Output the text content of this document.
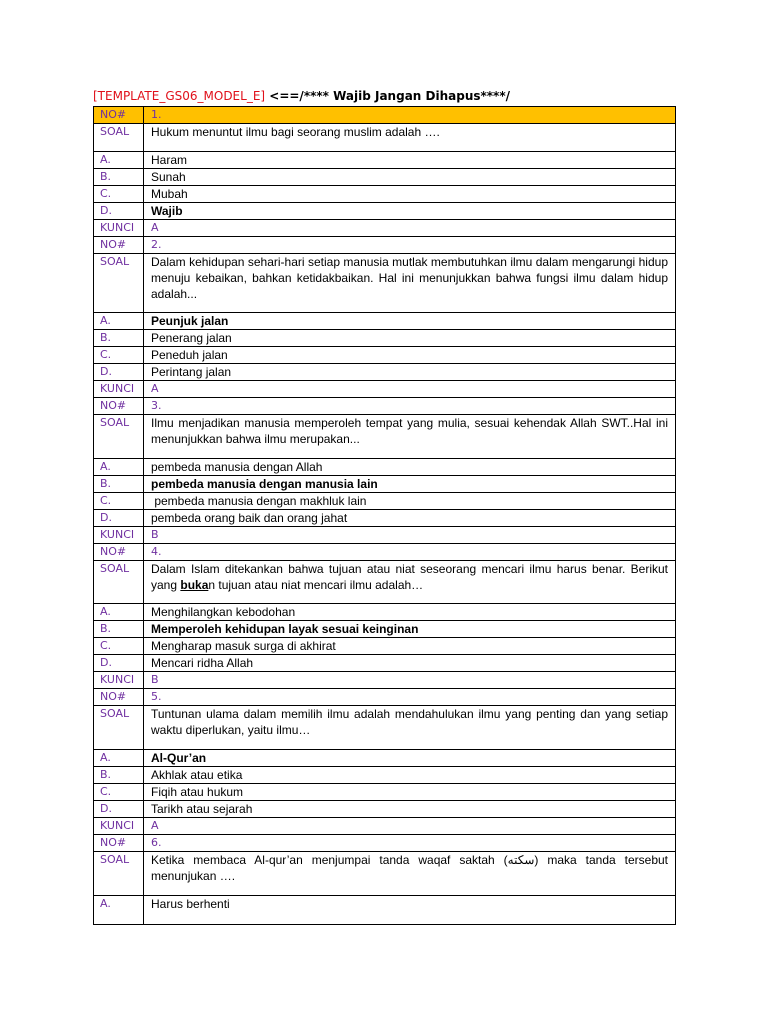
[TEMPLATE_GS06_MODEL_E] <==/**** Wajib Jangan Dihapus****/
NO#	1.
SOAL	Hukum menuntut ilmu bagi seorang muslim adalah ….
A.	Haram
B.	Sunah
C.	Mubah
D.	Wajib
KUNCI	A
NO#	2.
SOAL	Dalam kehidupan sehari-hari setiap manusia mutlak membutuhkan ilmu dalam mengarungi hidup menuju kebaikan, bahkan ketidakbaikan. Hal ini menunjukkan bahwa fungsi ilmu dalam hidup adalah...
A.	Peunjuk jalan
B.	Penerang jalan
C.	Peneduh jalan
D.	Perintang jalan
KUNCI	A
NO#	3.
SOAL	Ilmu menjadikan manusia memperoleh tempat yang mulia, sesuai kehendak Allah SWT..Hal ini menunjukkan bahwa ilmu merupakan...
A.	pembeda manusia dengan Allah
B.	pembeda manusia dengan manusia lain
C.	pembeda manusia dengan makhluk lain
D.	pembeda orang baik dan orang jahat
KUNCI	B
NO#	4.
SOAL	Dalam Islam ditekankan bahwa tujuan atau niat seseorang mencari ilmu harus benar. Berikut yang bukan tujuan atau niat mencari ilmu adalah…
A.	Menghilangkan kebodohan
B.	Memperoleh kehidupan layak sesuai keinginan
C.	Mengharap masuk surga di akhirat
D.	Mencari ridha Allah
KUNCI	B
NO#	5.
SOAL	Tuntunan ulama dalam memilih ilmu adalah mendahulukan ilmu yang penting dan yang setiap waktu diperlukan, yaitu ilmu…
A.	Al-Qur’an
B.	Akhlak atau etika
C.	Fiqih atau hukum
D.	Tarikh atau sejarah
KUNCI	A
NO#	6.
SOAL	Ketika membaca Al-qur’an menjumpai tanda waqaf saktah (سكته) maka tanda tersebut menunjukan ….
A.	Harus berhenti
